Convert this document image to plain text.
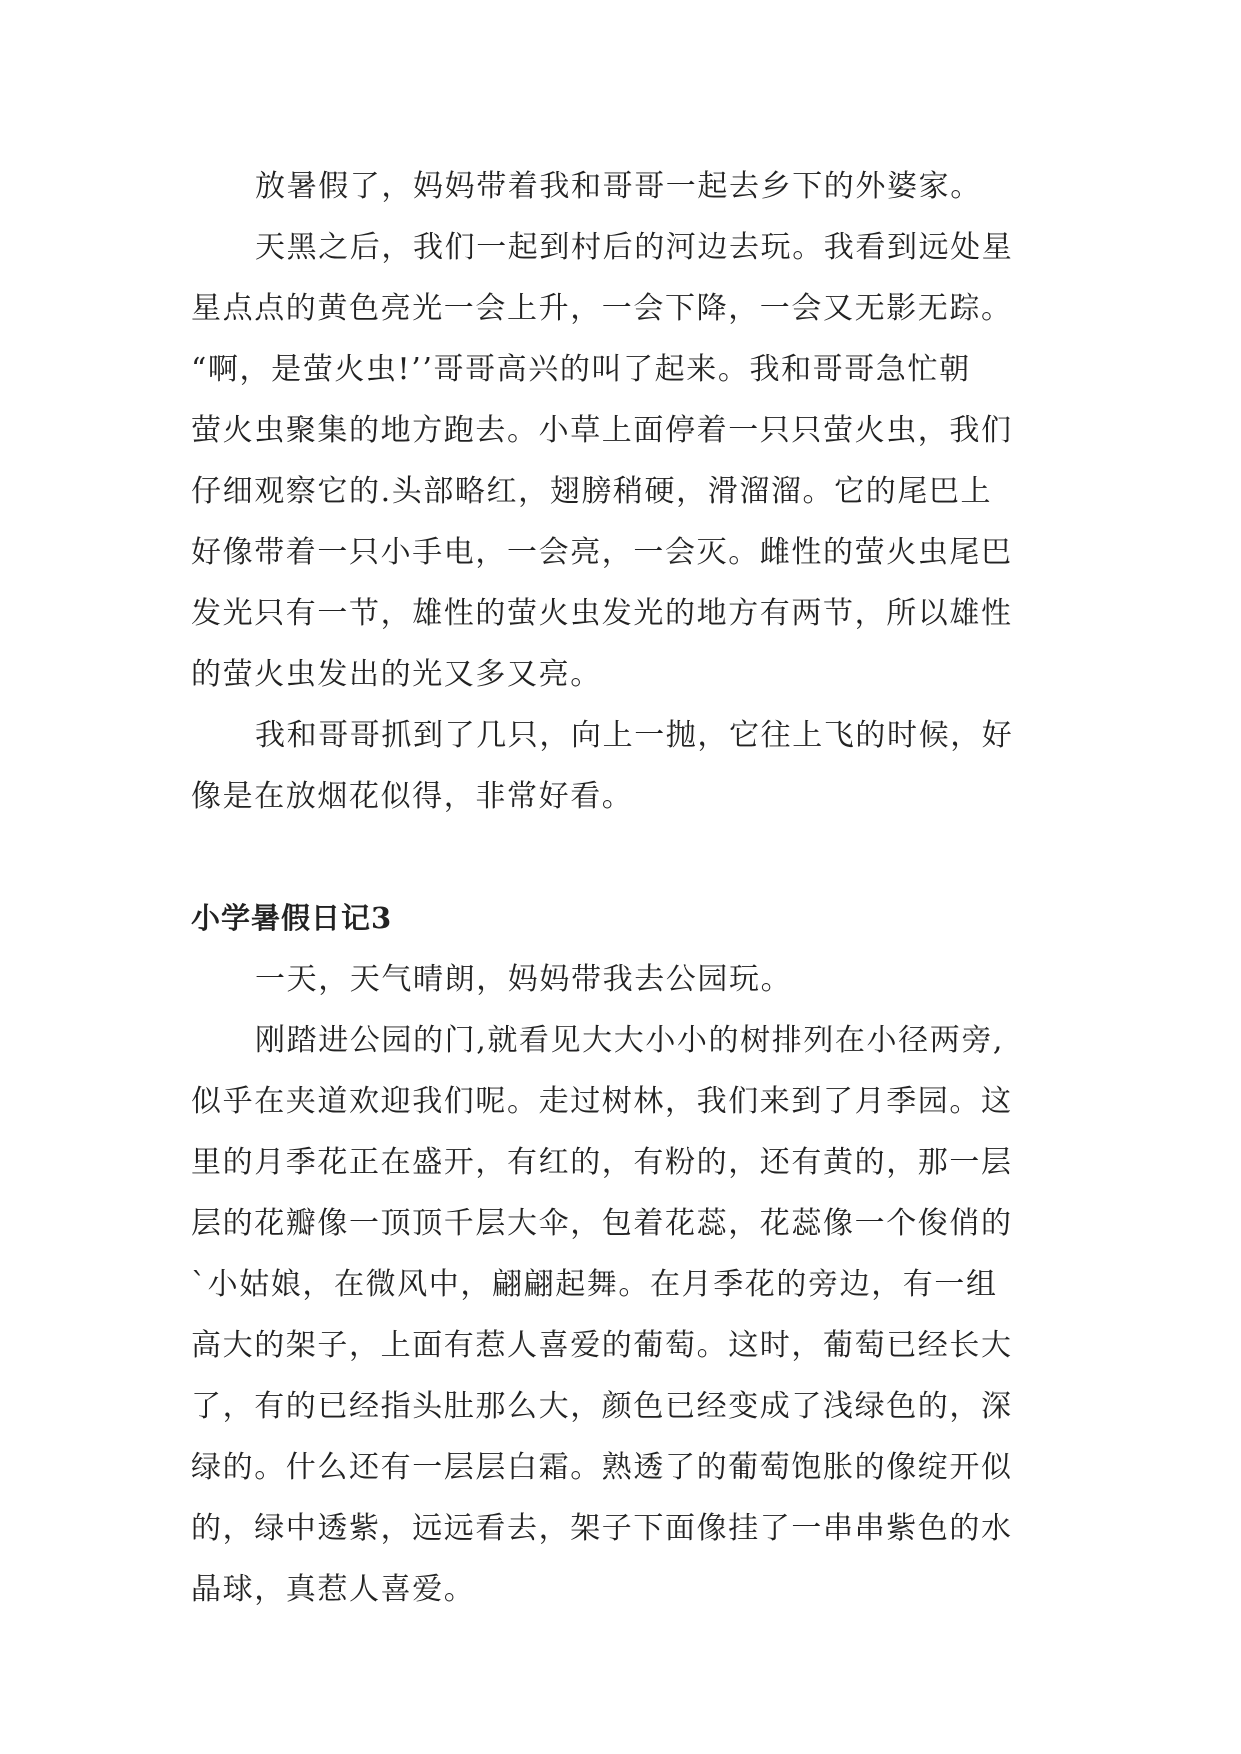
放暑假了，妈妈带着我和哥哥一起去乡下的外婆家。

天黑之后，我们一起到村后的河边去玩。我看到远处星
星点点的黄色亮光一会上升，一会下降，一会又无影无踪。
“啊，是萤火虫!’’哥哥高兴的叫了起来。我和哥哥急忙朝
萤火虫聚集的地方跑去。小草上面停着一只只萤火虫，我们
仔细观察它的.头部略红，翅膀稍硬，滑溜溜。它的尾巴上
好像带着一只小手电，一会亮，一会灭。雌性的萤火虫尾巴
发光只有一节，雄性的萤火虫发光的地方有两节，所以雄性
的萤火虫发出的光又多又亮。

我和哥哥抓到了几只，向上一抛，它往上飞的时候，好
像是在放烟花似得，非常好看。

小学暑假日记3

一天，天气晴朗，妈妈带我去公园玩。

刚踏进公园的门,就看见大大小小的树排列在小径两旁,
似乎在夹道欢迎我们呢。走过树林，我们来到了月季园。这
里的月季花正在盛开，有红的，有粉的，还有黄的，那一层
层的花瓣像一顶顶千层大伞，包着花蕊，花蕊像一个俊俏的
`小姑娘，在微风中，翩翩起舞。在月季花的旁边，有一组
高大的架子，上面有惹人喜爱的葡萄。这时，葡萄已经长大
了，有的已经指头肚那么大，颜色已经变成了浅绿色的，深
绿的。什么还有一层层白霜。熟透了的葡萄饱胀的像绽开似
的，绿中透紫，远远看去，架子下面像挂了一串串紫色的水
晶球，真惹人喜爱。
